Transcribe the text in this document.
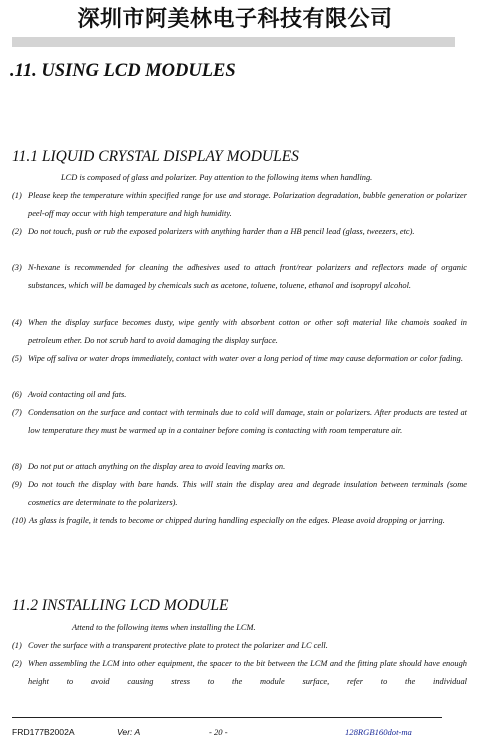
深圳市阿美林电子科技有限公司
.11. USING LCD MODULES
11.1 LIQUID CRYSTAL DISPLAY MODULES
LCD is composed of glass and polarizer. Pay attention to the following items when handling.
(1) Please keep the temperature within specified range for use and storage. Polarization degradation, bubble generation or polarizer peel-off may occur with high temperature and high humidity.
(2) Do not touch, push or rub the exposed polarizers with anything harder than a HB pencil lead (glass, tweezers, etc).
(3) N-hexane is recommended for cleaning the adhesives used to attach front/rear polarizers and reflectors made of organic substances, which will be damaged by chemicals such as acetone, toluene, toluene, ethanol and isopropyl alcohol.
(4) When the display surface becomes dusty, wipe gently with absorbent cotton or other soft material like chamois soaked in petroleum ether. Do not scrub hard to avoid damaging the display surface.
(5) Wipe off saliva or water drops immediately, contact with water over a long period of time may cause deformation or color fading.
(6) Avoid contacting oil and fats.
(7) Condensation on the surface and contact with terminals due to cold will damage, stain or polarizers. After products are tested at low temperature they must be warmed up in a container before coming is contacting with room temperature air.
(8) Do not put or attach anything on the display area to avoid leaving marks on.
(9) Do not touch the display with bare hands. This will stain the display area and degrade insulation between terminals (some cosmetics are determinate to the polarizers).
(10) As glass is fragile, it tends to become or chipped during handling especially on the edges. Please avoid dropping or jarring.
11.2 INSTALLING LCD MODULE
Attend to the following items when installing the LCM.
(1) Cover the surface with a transparent protective plate to protect the polarizer and LC cell.
(2) When assembling the LCM into other equipment, the spacer to the bit between the LCM and the fitting plate should have enough height to avoid causing stress to the module surface, refer to the individual
FRD177B2002A	Ver: A	- 20 -	128RGB160dot-ma
